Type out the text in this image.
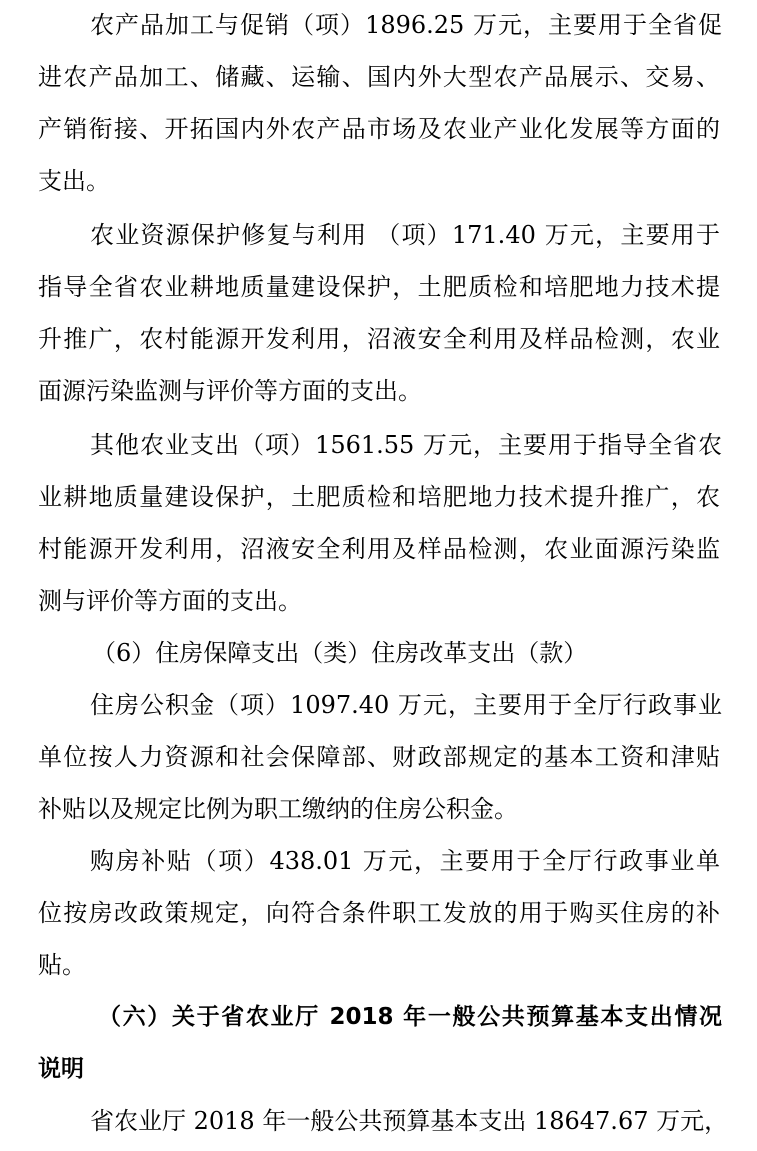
农产品加工与促销（项）1896.25 万元，主要用于全省促
进农产品加工、储藏、运输、国内外大型农产品展示、交易、
产销衔接、开拓国内外农产品市场及农业产业化发展等方面的
支出。
农业资源保护修复与利用 （项）171.40 万元，主要用于
指导全省农业耕地质量建设保护，土肥质检和培肥地力技术提
升推广，农村能源开发利用，沼液安全利用及样品检测，农业
面源污染监测与评价等方面的支出。
其他农业支出（项）1561.55 万元，主要用于指导全省农
业耕地质量建设保护，土肥质检和培肥地力技术提升推广，农
村能源开发利用，沼液安全利用及样品检测，农业面源污染监
测与评价等方面的支出。
（6）住房保障支出（类）住房改革支出（款）
住房公积金（项）1097.40 万元，主要用于全厅行政事业
单位按人力资源和社会保障部、财政部规定的基本工资和津贴
补贴以及规定比例为职工缴纳的住房公积金。
购房补贴（项）438.01 万元，主要用于全厅行政事业单
位按房改政策规定，向符合条件职工发放的用于购买住房的补
贴。
（六）关于省农业厅 2018 年一般公共预算基本支出情况
说明
省农业厅 2018 年一般公共预算基本支出 18647.67 万元，
